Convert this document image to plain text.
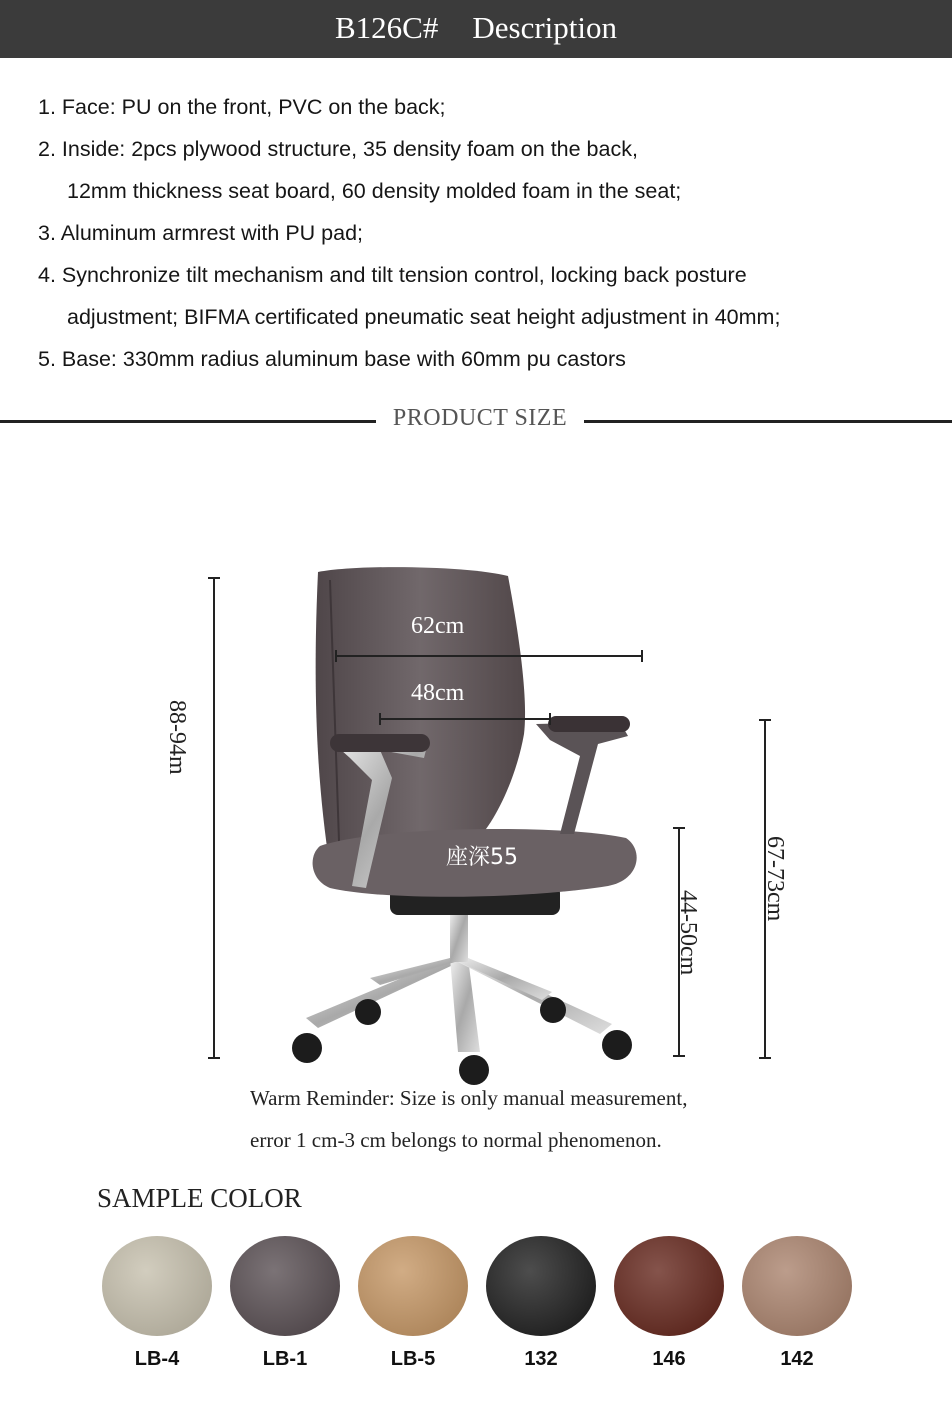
B126C# Description
1. Face: PU on the front, PVC on the back;
2. Inside: 2pcs plywood structure, 35 density foam on the back,
12mm thickness seat board, 60 density molded foam in the seat;
3. Aluminum armrest with PU pad;
4. Synchronize tilt mechanism and tilt tension control, locking back posture
adjustment; BIFMA certificated pneumatic seat height adjustment in 40mm;
5. Base: 330mm radius aluminum base with 60mm pu castors
PRODUCT SIZE
88-94m
62cm
48cm
座深55
44-50cm
67-73cm
Warm Reminder: Size is only manual measurement,
error 1 cm-3 cm belongs to normal phenomenon.
SAMPLE COLOR
LB-4	LB-1	LB-5	132	146	142
